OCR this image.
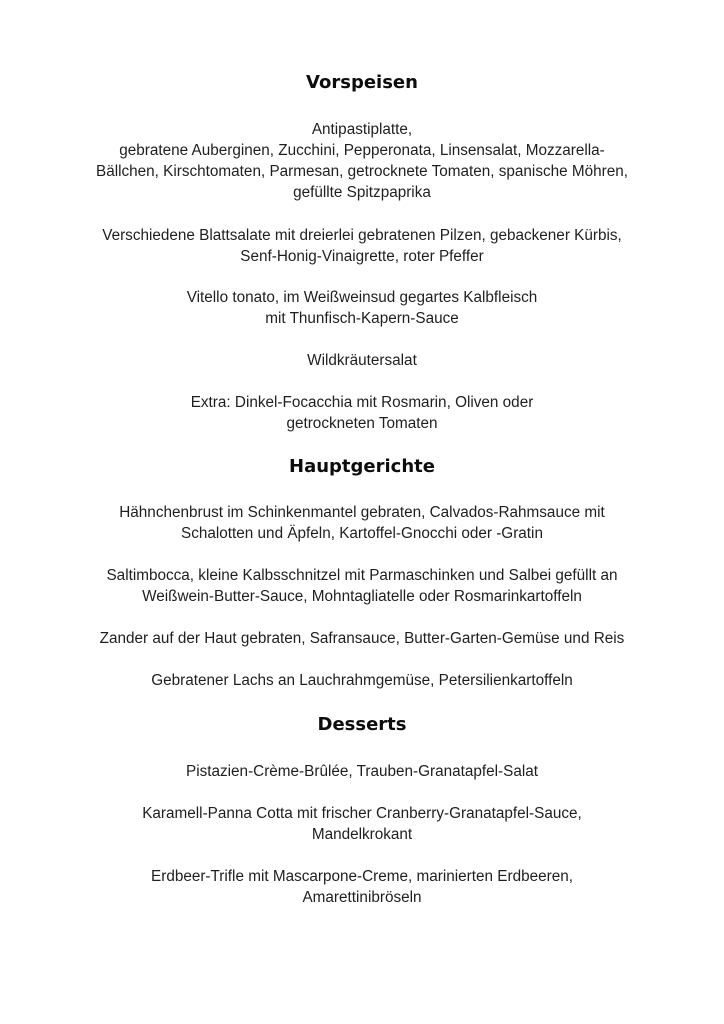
Vorspeisen
Antipastiplatte,
gebratene Auberginen, Zucchini, Pepperonata, Linsensalat, Mozzarella-
Bällchen, Kirschtomaten, Parmesan, getrocknete Tomaten, spanische Möhren,
gefüllte Spitzpaprika
Verschiedene Blattsalate mit dreierlei gebratenen Pilzen, gebackener Kürbis,
Senf-Honig-Vinaigrette, roter Pfeffer
Vitello tonato, im Weißweinsud gegartes Kalbfleisch
mit Thunfisch-Kapern-Sauce
Wildkräutersalat
Extra: Dinkel-Focacchia mit Rosmarin, Oliven oder
getrockneten Tomaten
Hauptgerichte
Hähnchenbrust im Schinkenmantel gebraten, Calvados-Rahmsauce mit
Schalotten und Äpfeln, Kartoffel-Gnocchi oder -Gratin
Saltimbocca, kleine Kalbsschnitzel mit Parmaschinken und Salbei gefüllt an
Weißwein-Butter-Sauce, Mohntagliatelle oder Rosmarinkartoffeln
Zander auf der Haut gebraten, Safransauce, Butter-Garten-Gemüse und Reis
Gebratener Lachs an Lauchrahmgemüse, Petersilienkartoffeln
Desserts
Pistazien-Crème-Brûlée, Trauben-Granatapfel-Salat
Karamell-Panna Cotta mit frischer Cranberry-Granatapfel-Sauce,
Mandelkrokant
Erdbeer-Trifle mit Mascarpone-Creme, marinierten Erdbeeren,
Amarettinibröseln
